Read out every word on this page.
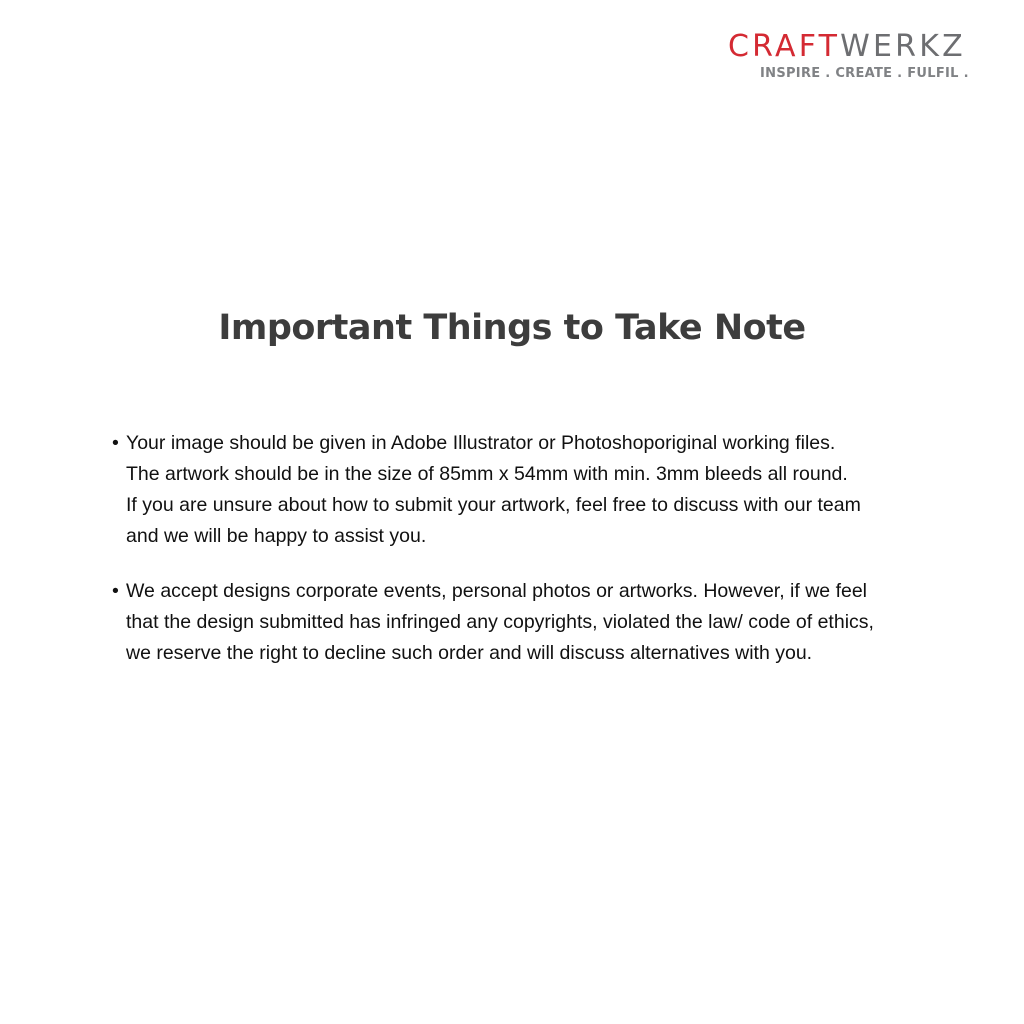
CRAFTWERKZ
INSPIRE . CREATE . FULFIL .
Important Things to Take Note
• Your image should be given in Adobe Illustrator or Photoshoporiginal working files.
The artwork should be in the size of 85mm x 54mm with min. 3mm bleeds all round.
If you are unsure about how to submit your artwork, feel free to discuss with our team
and we will be happy to assist you.
• We accept designs corporate events, personal photos or artworks. However, if we feel
that the design submitted has infringed any copyrights, violated the law/ code of ethics,
we reserve the right to decline such order and will discuss alternatives with you.
